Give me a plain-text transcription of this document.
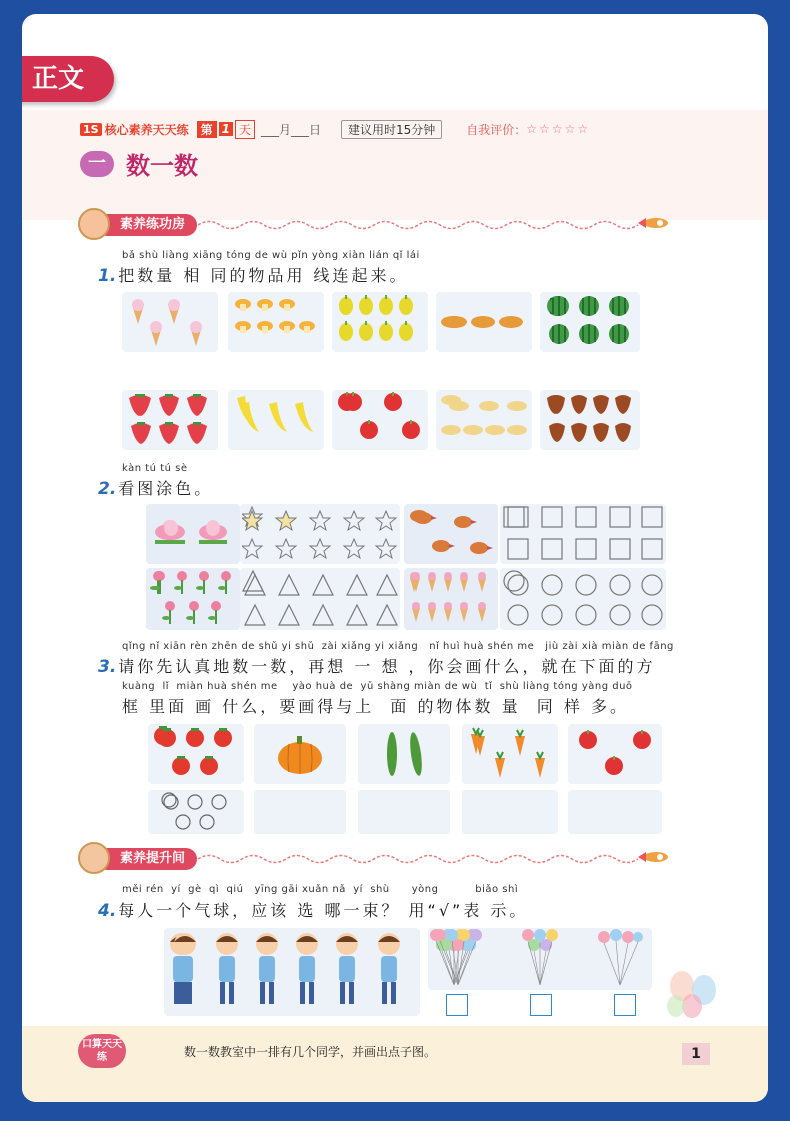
正文
1S 核心素养天天练	第 1 天 ___月___日	建议用时15分钟	自我评价： ☆☆☆☆☆
一 数一数
素养练功房
bǎ shù liàng xiāng tóng de wù pǐn yòng xiàn lián qǐ lái
1. 把数量 相 同的物品用 线连起来。
kàn tú tú sè
2. 看图涂色。
qǐng nǐ xiān rèn zhēn de shǔ yi shǔ  zài xiǎng yi xiǎng   nǐ huì huà shén me   jiù zài xià miàn de fāng
3. 请你先认真地数一数，再想 一 想 ，你会画什么，就在下面的方
kuàng  lǐ  miàn huà shén me    yào huà de  yǔ shàng miàn de wù  tǐ  shù liàng tóng yàng duō
框 里面 画 什么，要画得与上  面 的物体数 量  同 样 多。
素养提升间
měi rén  yí  gè  qì  qiú   yīng gāi xuǎn nǎ  yí  shù      yòng          biǎo shì
4. 每人一个气球，应该 选 哪一束？ 用“√”表 示。
口算天天练	数一数教室中一排有几个同学，并画出点子图。	1
